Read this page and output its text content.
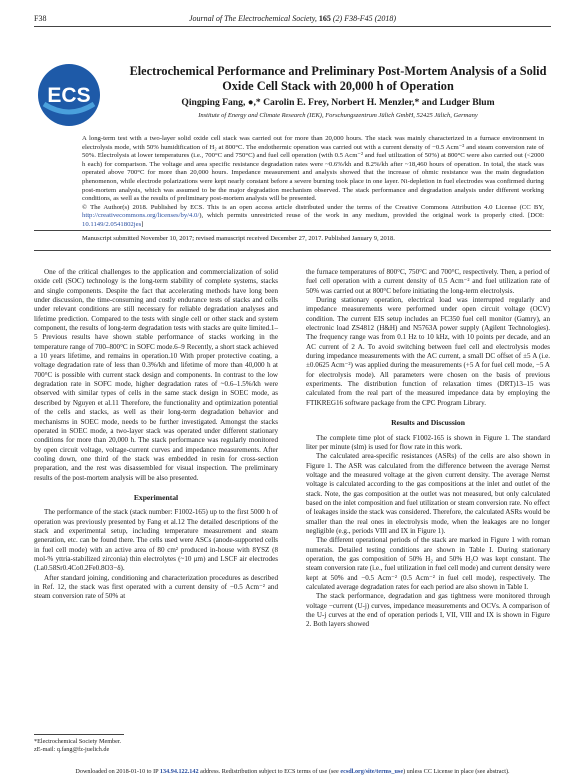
F38	Journal of The Electrochemical Society, 165 (2) F38-F45 (2018)
ECS
Electrochemical Performance and Preliminary Post-Mortem Analysis of a Solid Oxide Cell Stack with 20,000 h of Operation
Qingping Fang, ●,* Carolin E. Frey, Norbert H. Menzler,* and Ludger Blum
Institute of Energy and Climate Research (IEK), Forschungszentrum Jülich GmbH, 52425 Jülich, Germany

A long-term test with a two-layer solid oxide cell stack was carried out for more than 20,000 hours. The stack was mainly characterized in a furnace environment in electrolysis mode, with 50% humidification of H₂ at 800°C. The endothermic operation was carried out with a current density of −0.5 Acm⁻² and steam conversion rate of 50%. Electrolysis at lower temperatures (i.e., 700°C and 750°C) and fuel cell operation (with 0.5 Acm⁻² and fuel utilization of 50%) at 800°C were also carried out (<2000 h each) for comparison. The voltage and area specific resistance degradation rates were ~0.6%/kh and 8.2%/kh after ~18,460 hours of operation. In total, the stack was operated above 700°C for more than 20,000 hours. Impedance measurement and analysis showed that the increase of ohmic resistance was the main degradation phenomenon, while electrode polarizations were kept nearly constant before a severe burning took place in one layer. Ni-depletion in fuel electrodes was confirmed during post-mortem analysis, which was assumed to be the major degradation mechanism observed. The stack performance and degradation analysis under different working conditions, as well as the results of preliminary post-mortem analysis will be presented.

© The Author(s) 2018. Published by ECS. This is an open access article distributed under the terms of the Creative Commons Attribution 4.0 License (CC BY, http://creativecommons.org/licenses/by/4.0/), which permits unrestricted reuse of the work in any medium, provided the original work is properly cited. [DOI: 10.1149/2.0541802jes]

Manuscript submitted November 10, 2017; revised manuscript received December 27, 2017. Published January 9, 2018.

One of the critical challenges to the application and commercialization of solid oxide cell (SOC) technology is the long-term stability of complete systems, stacks and single components. Despite the fact that accelerating methods have long been under discussion, the time-consuming and costly endurance tests of stacks and cells under relevant conditions are still necessary for reliable degradation analyses and lifetime prediction. Compared to the tests with single cell or other stack and system component, the results of long-term degradation tests with stacks are quite limited.1–5 Previous results have shown stable performance of stacks working in the temperature range of 700–800°C in SOFC mode.6–9 Recently, a short stack achieved a 10 years lifetime, and remains in operation.10 With proper protective coating, a voltage degradation rate of less than 0.3%/kh and lifetime of more than 40,000 h at 700°C is possible with current stack design and components. In contrast to the low degradation rate in SOFC mode, higher degradation rates of ~0.6–1.5%/kh were observed with similar types of cells in the same stack design in SOEC mode, as described by Nguyen et al.11 Therefore, the functionality and optimization potential of the cells and stacks, as well as their long-term degradation behavior and mechanisms in SOEC mode, needs to be further investigated. Amongst the stacks operated in SOEC mode, a two-layer stack was operated under different stationary conditions for more than 20,000 h. The stack performance was regularly monitored by open circuit voltage, voltage-current curves and impedance measurements. After cooling down, one third of the stack was embedded in resin for cross-section preparation, and the rest was disassembled for visual inspection. The preliminary results of the post-mortem analysis will be also presented.

Experimental

The performance of the stack (stack number: F1002-165) up to the first 5000 h of operation was previously presented by Fang et al.12 The detailed descriptions of the stack and experimental setup, including temperature measurement and steam generation, etc. can be found there. The cells used were ASCs (anode-supported cells in fuel cell mode) with an active area of 80 cm² produced in-house with 8YSZ (8 mol-% yttria-stabilized zirconia) thin electrolytes (~10 μm) and LSCF air electrodes (La0.58Sr0.4Co0.2Fe0.8O3−δ).

After standard joining, conditioning and characterization procedures as described in Ref. 12, the stack was first operated with a current density of −0.5 Acm⁻² and steam conversion rate of 50% at

the furnace temperatures of 800°C, 750°C and 700°C, respectively. Then, a period of fuel cell operation with a current density of 0.5 Acm⁻² and fuel utilization rate of 50% was carried out at 800°C before initiating the long-term electrolysis.

During stationary operation, electrical load was interrupted regularly and impedance measurements were performed under open circuit voltage (OCV) condition. The current EIS setup includes an FC350 fuel cell monitor (Gamry), an electronic load ZS4812 (H&H) and N5763A power supply (Agilent Technologies). The frequency range was from 0.1 Hz to 10 kHz, with 10 points per decade, and an AC current of 2 A. To avoid switching between fuel cell and electrolysis modes during impedance measurements with the AC current, a small DC offset of ±5 A (i.e. ±0.0625 Acm⁻²) was applied during the measurements (+5 A for fuel cell mode, −5 A for electrolysis mode). All parameters were chosen on the basis of previous experiments. The distribution function of relaxation times (DRT)13–15 was calculated from the real part of the measured impedance data by employing the FTIKREG16 software package from the CPC Program Library.

Results and Discussion

The complete time plot of stack F1002-165 is shown in Figure 1. The standard liter per minute (slm) is used for flow rate in this work.

The calculated area-specific resistances (ASRs) of the cells are also shown in Figure 1. The ASR was calculated from the difference between the average Nernst voltage and the measured voltage at the given current density. The average Nernst voltage is calculated according to the gas compositions at the inlet and outlet of the stack. Note, the gas composition at the outlet was not measured, but only calculated based on the inlet composition and fuel utilization or steam conversion rate. No effect of leakages inside the stack was considered. Therefore, the calculated ASRs would be smaller than the real ones in electrolysis mode, when the leakages are no longer negligible (e.g., periods VIII and IX in Figure 1).

The different operational periods of the stack are marked in Figure 1 with roman numerals. Detailed testing conditions are shown in Table I. During stationary operation, the gas composition of 50% H₂ and 50% H₂O was kept constant. The steam conversion rate (i.e., fuel utilization in fuel cell mode) and current density were kept at 50% and −0.5 Acm⁻² (0.5 Acm⁻² in fuel cell mode), respectively. The calculated average degradation rates for each period are also shown in Table I.

The stack performance, degradation and gas tightness were monitored through voltage −current (U-j) curves, impedance measurements and OCVs. A comparison of the U-j curves at the end of operation periods I, VII, VIII and IX is shown in Figure 2. Both layers showed

*Electrochemical Society Member.
zE-mail: q.fang@fz-juelich.de
Downloaded on 2018-01-10 to IP 134.94.122.142 address. Redistribution subject to ECS terms of use (see ecsdl.org/site/terms_use) unless CC License in place (see abstract).
